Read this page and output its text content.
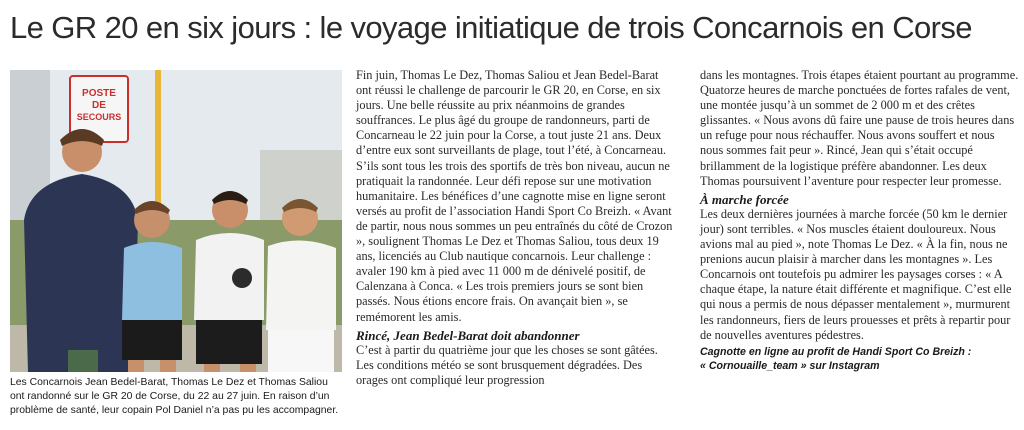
Le GR 20 en six jours : le voyage initiatique de trois Concarnois en Corse
POSTE
DE
SECOURS
Les Concarnois Jean Bedel-Barat, Thomas Le Dez et Thomas Saliou ont randonné sur le GR 20 de Corse, du 22 au 27 juin. En raison d’un problème de santé, leur copain Pol Daniel n’a pas pu les accompagner.

Fin juin, Thomas Le Dez, Thomas Saliou et Jean Bedel-Barat ont réussi le challenge de parcourir le GR 20, en Corse, en six jours. Une belle réussite au prix néanmoins de grandes souffrances. Le plus âgé du groupe de randonneurs, parti de Concarneau le 22 juin pour la Corse, a tout juste 21 ans. Deux d’entre eux sont surveillants de plage, tout l’été, à Concarneau. S’ils sont tous les trois des sportifs de très bon niveau, aucun ne pratiquait la randonnée. Leur défi repose sur une motivation humanitaire. Les bénéfices d’une cagnotte mise en ligne seront versés au profit de l’association Handi Sport Co Breizh. « Avant de partir, nous nous sommes un peu entraînés du côté de Crozon », soulignent Thomas Le Dez et Thomas Saliou, tous deux 19 ans, licenciés au Club nautique concarnois. Leur challenge : avaler 190 km à pied avec 11 000 m de dénivelé positif, de Calenzana à Conca. « Les trois premiers jours se sont bien passés. Nous étions encore frais. On avançait bien », se remémorent les amis.

Rincé, Jean Bedel-Barat doit abandonner

C’est à partir du quatrième jour que les choses se sont gâtées. Les conditions météo se sont brusquement dégradées. Des orages ont compliqué leur progression

dans les montagnes. Trois étapes étaient pourtant au programme. Quatorze heures de marche ponctuées de fortes rafales de vent, une montée jusqu’à un sommet de 2 000 m et des crêtes glissantes. « Nous avons dû faire une pause de trois heures dans un refuge pour nous réchauffer. Nous avons souffert et nous nous sommes fait peur ». Rincé, Jean qui s’était occupé brillamment de la logistique préfère abandonner. Les deux Thomas poursuivent l’aventure pour respecter leur promesse.

À marche forcée

Les deux dernières journées à marche forcée (50 km le dernier jour) sont terribles. « Nos muscles étaient douloureux. Nous avions mal au pied », note Thomas Le Dez. « À la fin, nous ne prenions aucun plaisir à marcher dans les montagnes ». Les Concarnois ont toutefois pu admirer les paysages corses : « A chaque étape, la nature était différente et magnifique. C’est elle qui nous a permis de nous dépasser mentalement », murmurent les randonneurs, fiers de leurs prouesses et prêts à repartir pour de nouvelles aventures pédestres.

Cagnotte en ligne au profit de Handi Sport Co Breizh :
« Cornouaille_team » sur Instagram
